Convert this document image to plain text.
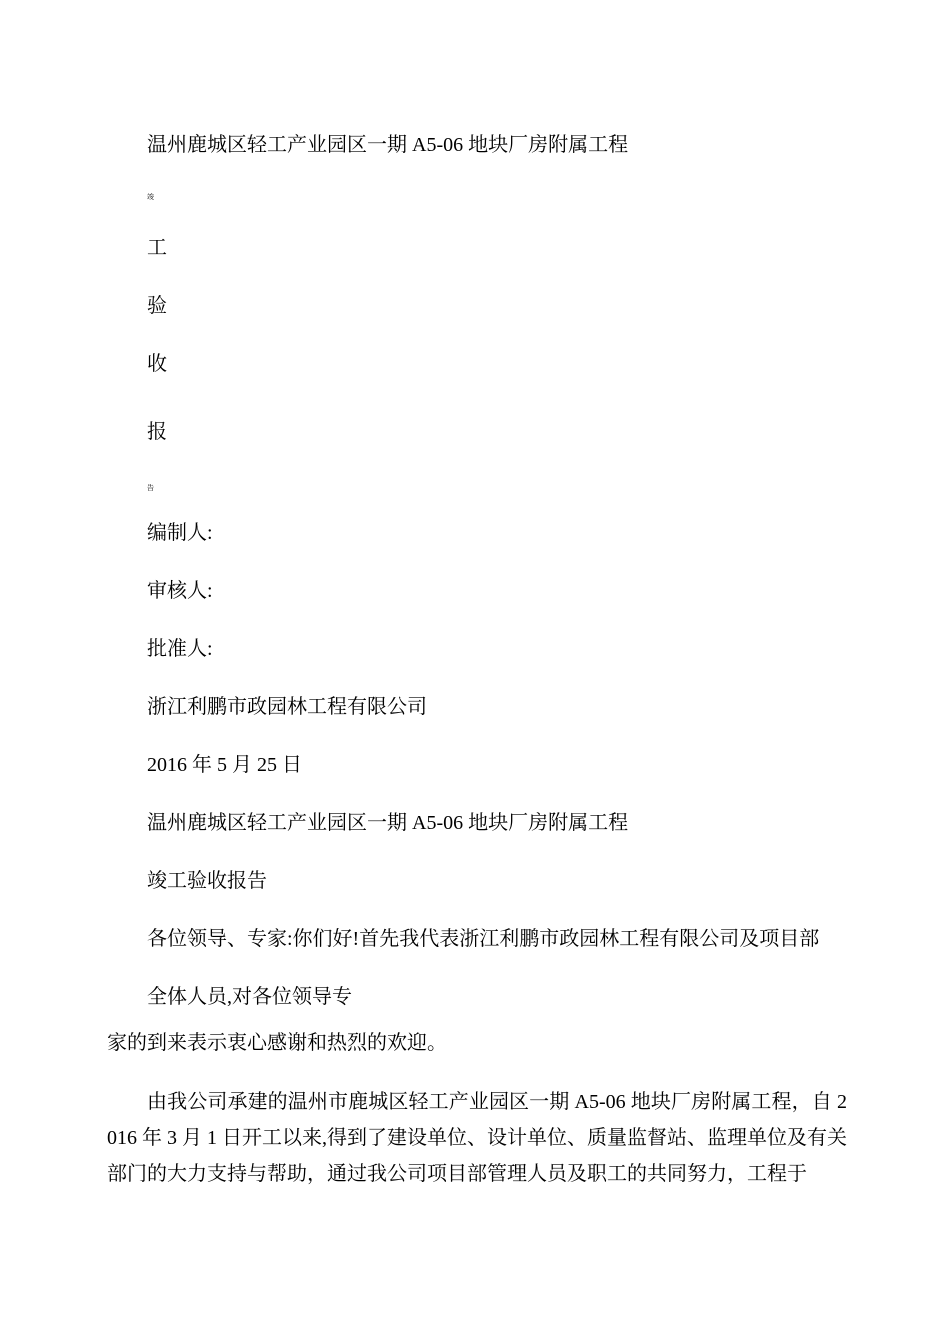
温州鹿城区轻工产业园区一期 A5-06 地块厂房附属工程
竣
工
验
收
报
告
编制人:
审核人:
批准人:
浙江利鹏市政园林工程有限公司
2016 年 5 月 25 日
温州鹿城区轻工产业园区一期 A5-06 地块厂房附属工程
竣工验收报告
各位领导、专家:你们好!首先我代表浙江利鹏市政园林工程有限公司及项目部
全体人员,对各位领导专
家的到来表示衷心感谢和热烈的欢迎。
由我公司承建的温州市鹿城区轻工产业园区一期 A5-06 地块厂房附属工程，自 2016 年 3 月 1 日开工以来,得到了建设单位、设计单位、质量监督站、监理单位及有关部门的大力支持与帮助，通过我公司项目部管理人员及职工的共同努力，工程于
